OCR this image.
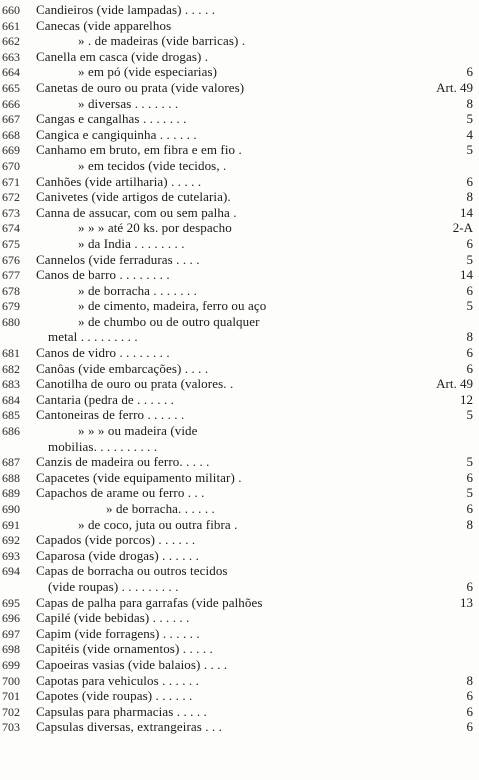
660	Candieiros (vide lampadas) . . . . .
661	Canecas (vide apparelhos
662	» . de madeiras (vide barricas) .
663	Canella em casca (vide drogas) .
664	» em pó (vide especiarias)	6
665	Canetas de ouro ou prata (vide valores)	Art. 49
666	» diversas . . . . . . .	8
667	Cangas e cangalhas . . . . . . .	5
668	Cangica e cangiquinha . . . . . .	4
669	Canhamo em bruto, em fibra e em fio .	5
670	» em tecidos (vide tecidos, .
671	Canhões (vide artilharia) . . . . .	6
672	Canivetes (vide artigos de cutelaria).	8
673	Canna de assucar, com ou sem palha .	14
674	» » » até 20 ks. por despacho	2-A
675	» da India . . . . . . . .	6
676	Cannelos (vide ferraduras . . . .	5
677	Canos de barro . . . . . . . .	14
678	» de borracha . . . . . . .	6
679	» de cimento, madeira, ferro ou aço	5
680	» de chumbo ou de outro qualquer
metal . . . . . . . . .	8
681	Canos de vidro . . . . . . . .	6
682	Canôas (vide embarcações) . . . .	6
683	Canotilha de ouro ou prata (valores. .	Art. 49
684	Cantaria (pedra de . . . . . .	12
685	Cantoneiras de ferro . . . . . .	5
686	» » » ou madeira (vide
mobilias. . . . . . . . . .
687	Canzis de madeira ou ferro. . . . .	5
688	Capacetes (vide equipamento militar) .	6
689	Capachos de arame ou ferro . . .	5
690	» de borracha. . . . . .	6
691	» de coco, juta ou outra fibra .	8
692	Capados (vide porcos) . . . . . .
693	Caparosa (vide drogas) . . . . . .
694	Capas de borracha ou outros tecidos
(vide roupas) . . . . . . . . .	6
695	Capas de palha para garrafas (vide palhões	13
696	Capilé (vide bebidas) . . . . . .
697	Capim (vide forragens) . . . . . .
698	Capitéis (vide ornamentos) . . . . .
699	Capoeiras vasias (vide balaios) . . . .
700	Capotas para vehiculos . . . . . .	8
701	Capotes (vide roupas) . . . . . .	6
702	Capsulas para pharmacias . . . . .	6
703	Capsulas diversas, extrangeiras . . .	6
